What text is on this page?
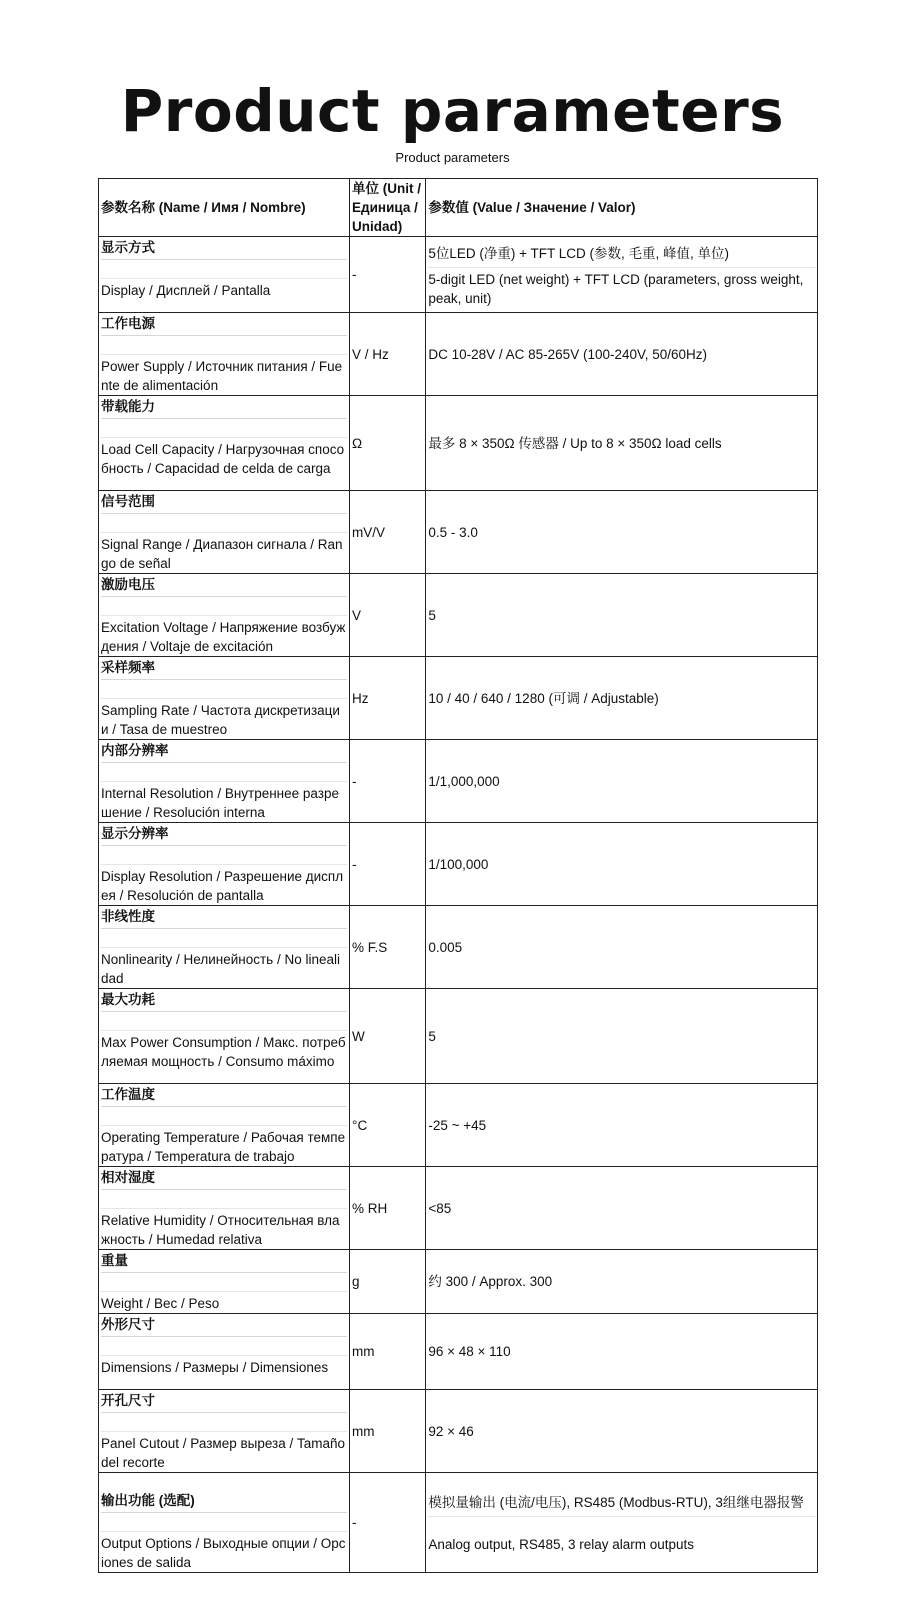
Product parameters
Product parameters
参数名称 (Name / Имя / Nombre)	单位 (Unit / Единица / Unidad)	参数值 (Value / Значение / Valor)

显示方式
Display / Дисплей / Pantalla	-	5位LED (净重) + TFT LCD (参数, 毛重, 峰值, 单位)
5-digit LED (net weight) + TFT LCD (parameters, gross weight, peak, unit)

工作电源
Power Supply / Источник питания / Fuente de alimentación	V / Hz	DC 10-28V / AC 85-265V (100-240V, 50/60Hz)

带载能力
Load Cell Capacity / Нагрузочная способность / Capacidad de celda de carga	Ω	最多 8 × 350Ω 传感器 / Up to 8 × 350Ω load cells

信号范围
Signal Range / Диапазон сигнала / Rango de señal	mV/V	0.5 - 3.0

激励电压
Excitation Voltage / Напряжение возбуждения / Voltaje de excitación	V	5

采样频率
Sampling Rate / Частота дискретизации / Tasa de muestreo	Hz	10 / 40 / 640 / 1280 (可调 / Adjustable)

内部分辨率
Internal Resolution / Внутреннее разрешение / Resolución interna	-	1/1,000,000

显示分辨率
Display Resolution / Разрешение дисплея / Resolución de pantalla	-	1/100,000

非线性度
Nonlinearity / Нелинейность / No linealidad	% F.S	0.005

最大功耗
Max Power Consumption / Макс. потребляемая мощность / Consumo máximo	W	5

工作温度
Operating Temperature / Рабочая температура / Temperatura de trabajo	°C	-25 ~ +45

相对湿度
Relative Humidity / Относительная влажность / Humedad relativa	% RH	<85

重量
Weight / Вес / Peso	g	约 300 / Approx. 300

外形尺寸
Dimensions / Размеры / Dimensiones	mm	96 × 48 × 110

开孔尺寸
Panel Cutout / Размер выреза / Tamaño del recorte	mm	92 × 46

输出功能 (选配)
Output Options / Выходные опции / Opciones de salida	-	模拟量输出 (电流/电压), RS485 (Modbus-RTU), 3组继电器报警
Analog output, RS485, 3 relay alarm outputs
